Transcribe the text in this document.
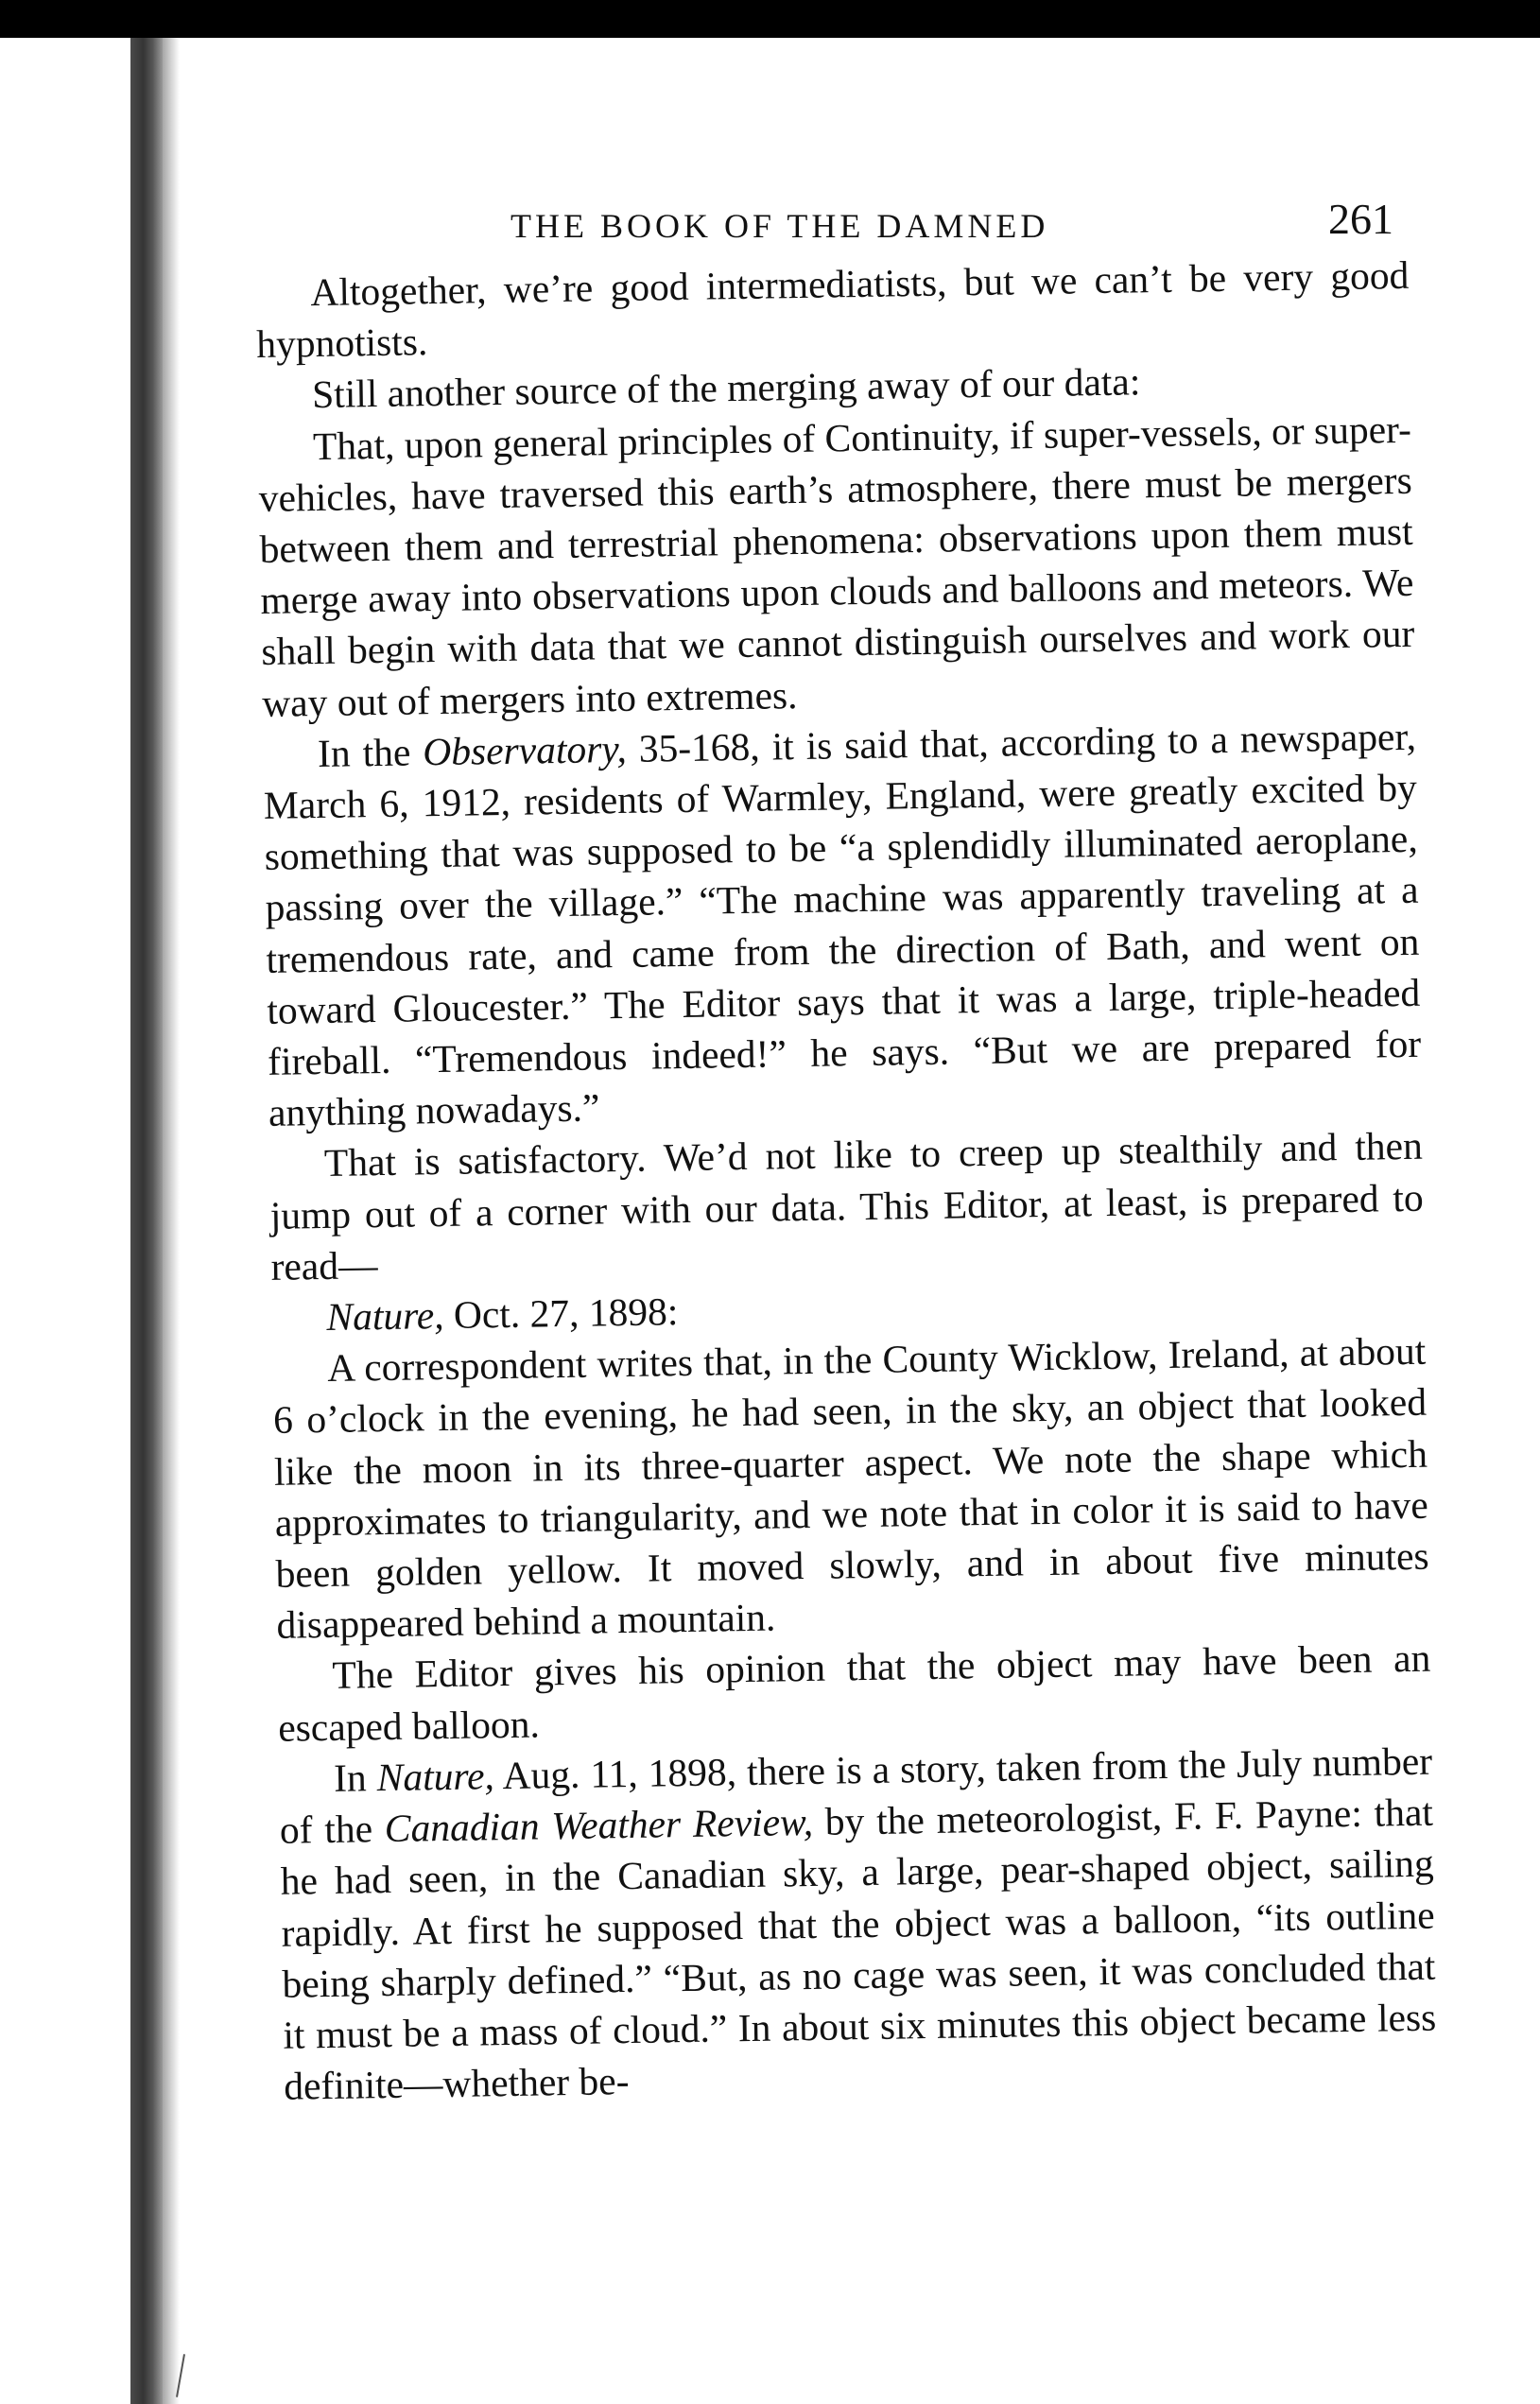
THE BOOK OF THE DAMNED	261

Altogether, we’re good intermediatists, but we can’t be very good hypnotists.

Still another source of the merging away of our data:

That, upon general principles of Continuity, if super-vessels, or super-vehicles, have traversed this earth’s atmosphere, there must be mergers between them and terrestrial phenomena: observations upon them must merge away into observations upon clouds and balloons and meteors. We shall begin with data that we cannot distinguish ourselves and work our way out of mergers into extremes.

In the Observatory, 35-168, it is said that, according to a newspaper, March 6, 1912, residents of Warmley, England, were greatly excited by something that was supposed to be “a splendidly illuminated aeroplane, passing over the village.” “The machine was apparently traveling at a tremendous rate, and came from the direction of Bath, and went on toward Gloucester.” The Editor says that it was a large, triple-headed fireball. “Tremendous indeed!” he says. “But we are prepared for anything nowadays.”

That is satisfactory. We’d not like to creep up stealthily and then jump out of a corner with our data. This Editor, at least, is prepared to read—

Nature, Oct. 27, 1898:

A correspondent writes that, in the County Wicklow, Ireland, at about 6 o’clock in the evening, he had seen, in the sky, an object that looked like the moon in its three-quarter aspect. We note the shape which approximates to triangularity, and we note that in color it is said to have been golden yellow. It moved slowly, and in about five minutes disappeared behind a mountain.

The Editor gives his opinion that the object may have been an escaped balloon.

In Nature, Aug. 11, 1898, there is a story, taken from the July number of the Canadian Weather Review, by the meteorologist, F. F. Payne: that he had seen, in the Canadian sky, a large, pear-shaped object, sailing rapidly. At first he supposed that the object was a balloon, “its outline being sharply defined.” “But, as no cage was seen, it was concluded that it must be a mass of cloud.” In about six minutes this object became less definite—whether be-
